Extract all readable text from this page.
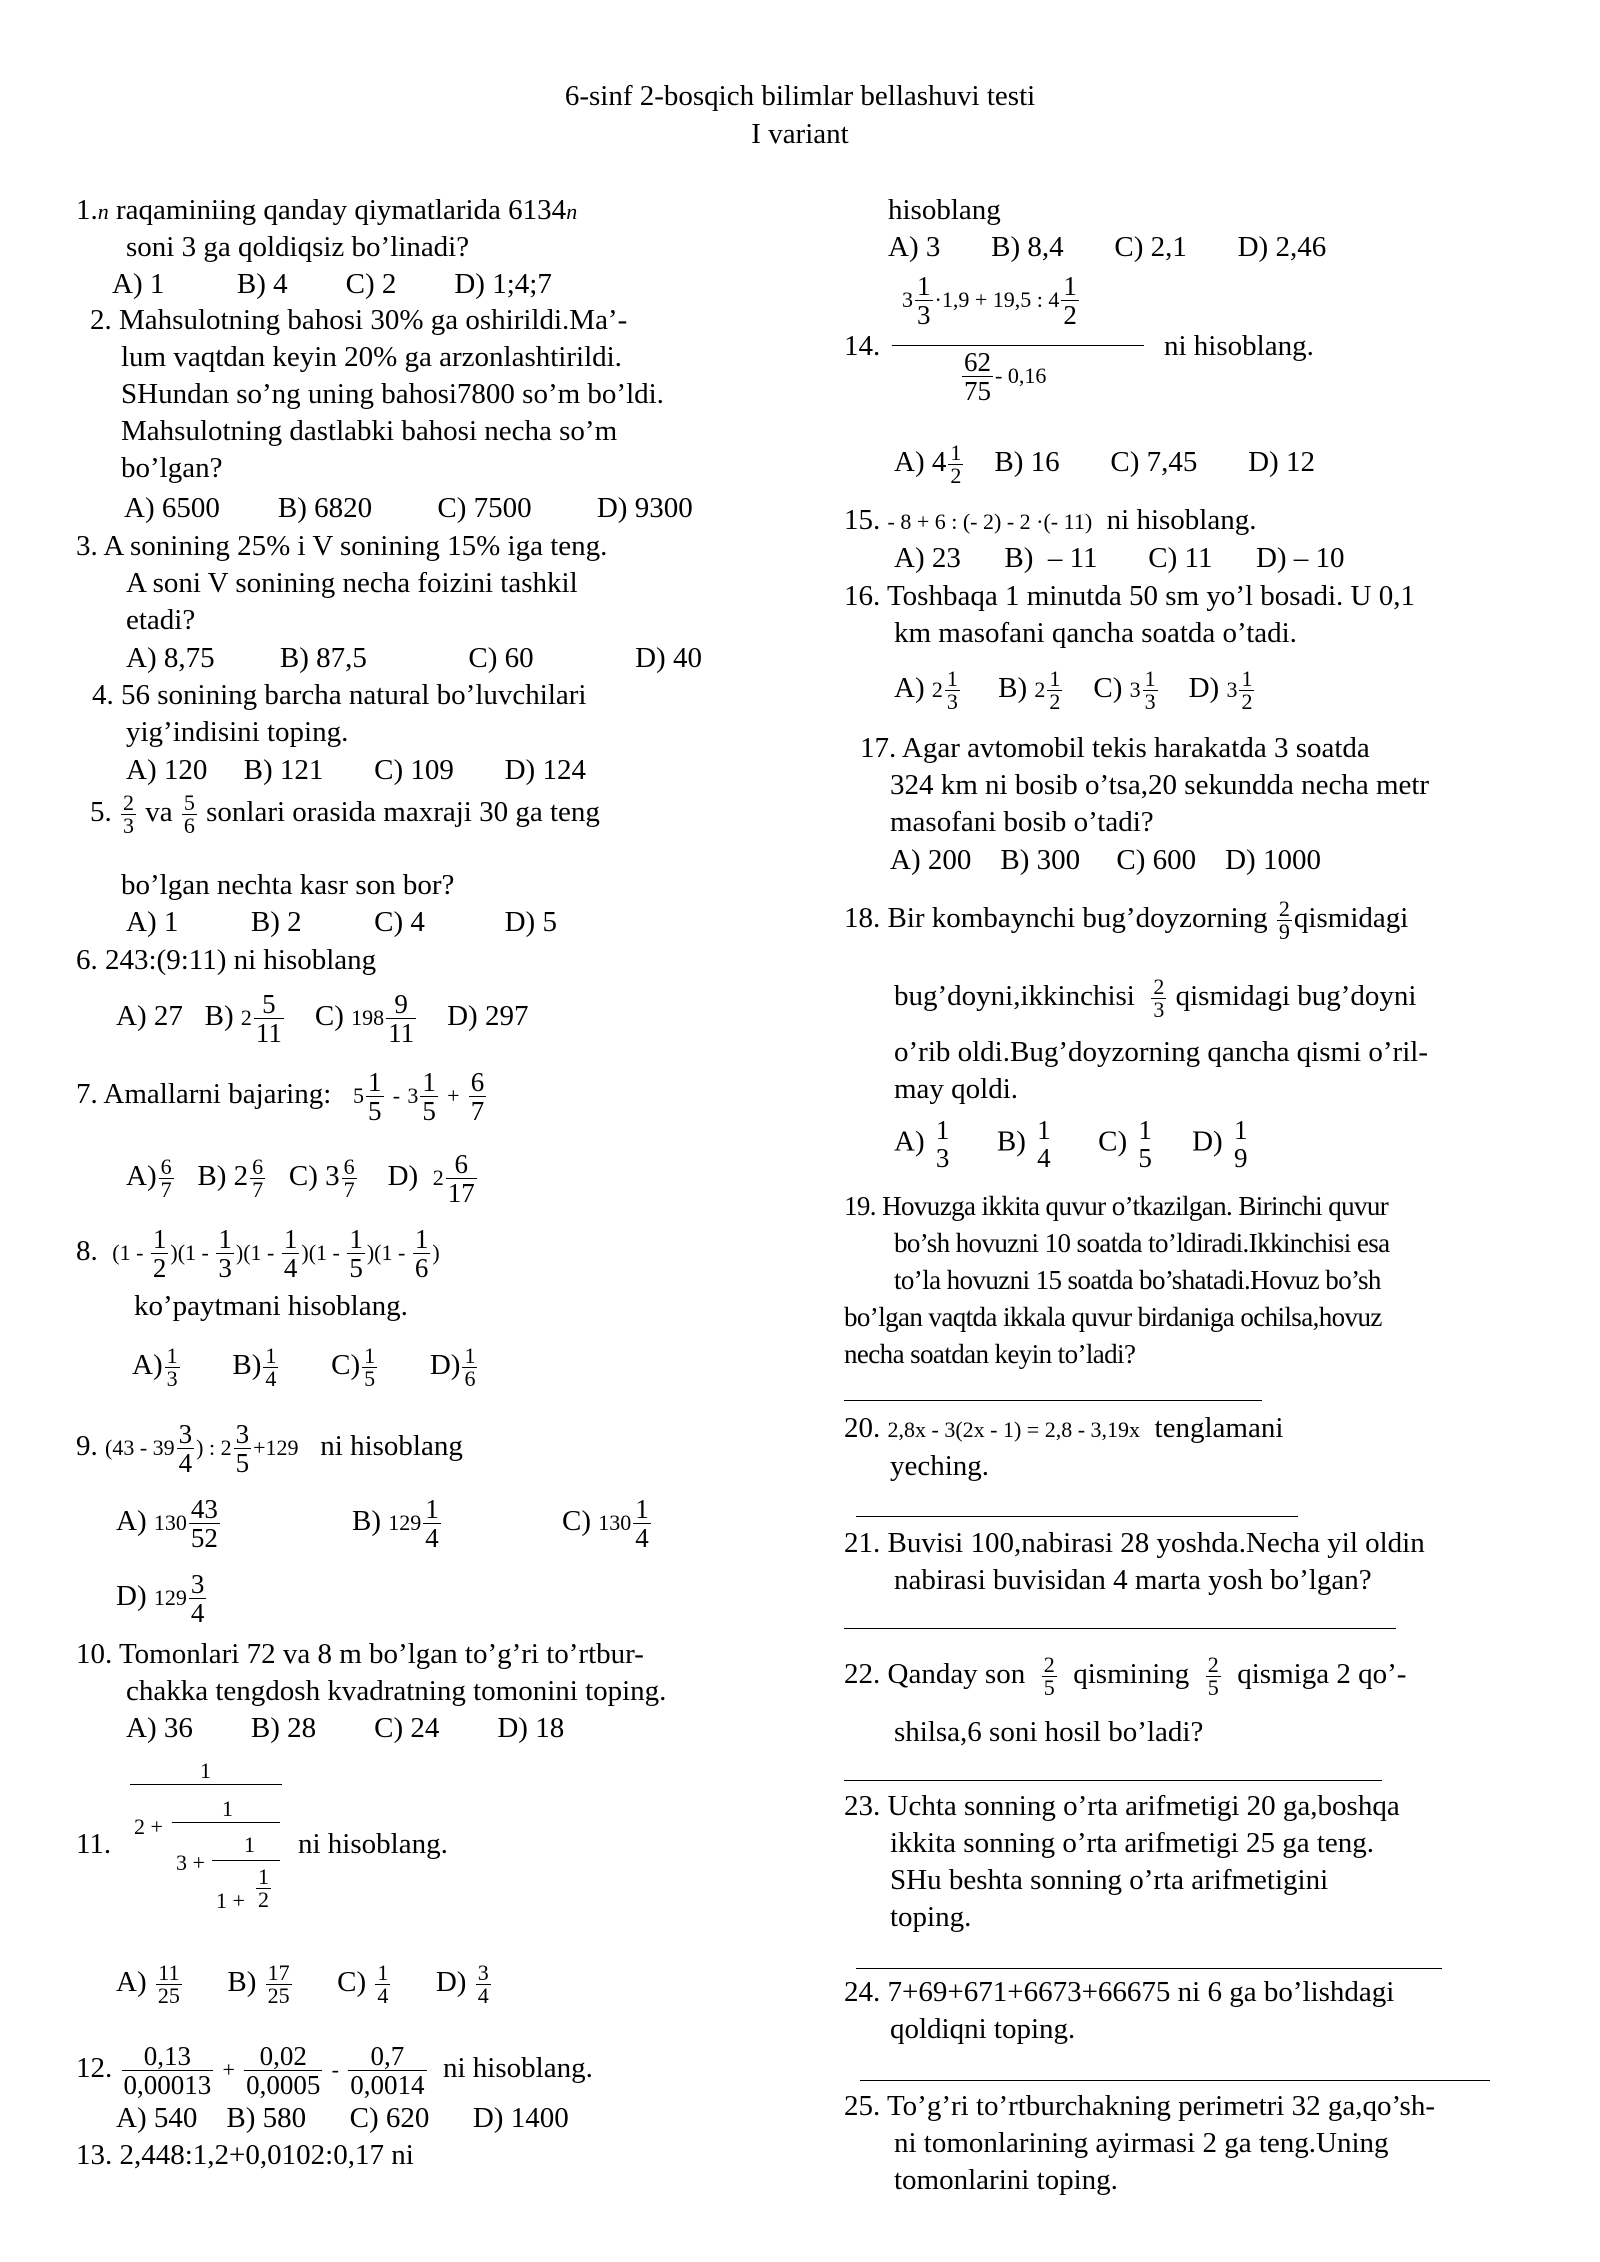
6-sinf 2-bosqich bilimlar bellashuvi testi
I variant
1.n raqaminiing qanday qiymatlarida 6134n
soni 3 ga qoldiqsiz bo’linadi?
A) 1          B) 4        C) 2        D) 1;4;7
2. Mahsulotning bahosi 30% ga oshirildi.Ma’-
lum vaqtdan keyin 20% ga arzonlashtirildi.
SHundan so’ng uning bahosi7800 so’m bo’ldi.
Mahsulotning dastlabki bahosi necha so’m
bo’lgan?
A) 6500        B) 6820         C) 7500         D) 9300
3. A sonining 25% i V sonining 15% iga teng.
A soni V sonining necha foizini tashkil
etadi?
A) 8,75         B) 87,5              C) 60              D) 40
4. 56 sonining barcha natural bo’luvchilari
yig’indisini toping.
A) 120     B) 121       C) 109       D) 124
5. $\frac{2}{3}$ va $\frac{5}{6}$ sonlari orasida maxraji 30 ga teng
bo’lgan nechta kasr son bor?
A) 1          B) 2          C) 4           D) 5
6. 243:(9:11) ni hisoblang
A) 27 B) $2 \frac{5}{11} C$) $198 \frac{9}{11} D$) 297
7. Amallarni bajaring: $5 \frac{1}{5} - 3 \frac{1}{5} + \frac{6}{7}$
$A) \frac{6}{7} B$) $2 \frac{6}{7} C$) $3 \frac{6}{7} D$) $2 \frac{6}{17}$
8. $(1 - \frac{1}{2} )(1 - \frac{1}{3} )(1 - \frac{1}{4} )(1 - \frac{1}{5} )(1 - \frac{1}{6}$ )
ko’paytmani hisoblang.
$A) \frac{1}{3} B) \frac{1}{4} C) \frac{1}{5} D) \frac{1}{6}$
9. ($43 - 39 \frac{3}{4}$ ) : $2 \frac{3}{5} +129$ ni hisoblang
A) $130 \frac{43}{52}$	B) $129 \frac{1}{4}$	C) $130 \frac{1}{4}$
D) $129 \frac{3}{4}$
10. Tomonlari 72 va 8 m bo’lgan to’g’ri to’rtbur-
chakka tengdosh kvadratning tomonini toping.
A) 36        B) 28        C) 24        D) 18
11.
1
1
2 +
1
3 +
$1 + \frac{1}{2}$
ni hisoblang.
$A) \frac{11}{25} B) \frac{17}{25} C) \frac{1}{4} D) \frac{3}{4}$
12. $\frac{0,13}{0,00013} + \frac{0,02}{0,0005} - \frac{0,7}{0,0014}$ ni hisoblang.
A) 540    B) 580      C) 620      D) 1400
13. 2,448:1,2+0,0102:0,17 ni
hisoblang
A) 3       B) 8,4       C) 2,1       D) 2,46
14.
$3 \frac{1}{3} \cdot 1,9 + 19,5$ : $4 \frac{1}{2}$
$\frac{62}{75} - 0,16$
ni hisoblang.
A) $4 \frac{1}{2} B$) 16       C) 7,45       D) 12
15. - 8 + 6 : (- 2) - 2 ·(- 11) ni hisoblang.
A) 23      B)  – 11       C) 11      D) – 10
16. Toshbaqa 1 minutda 50 sm yo’l bosadi. U 0,1
km masofani qancha soatda o’tadi.
A) $2 \frac{1}{3} B$) $2 \frac{1}{2} C$) $3 \frac{1}{3} D$) $3 \frac{1}{2}$
17. Agar avtomobil tekis harakatda 3 soatda
324 km ni bosib o’tsa,20 sekundda necha metr
masofani bosib o’tadi?
A) 200    B) 300     C) 600    D) 1000
18. Bir kombaynchi bug’doyzorning $\frac{2}{9}$ qismidagi
bug’doyni,ikkinchisi $\frac{2}{3}$ qismidagi bug’doyni
o’rib oldi.Bug’doyzorning qancha qismi o’ril-
may qoldi.
A) 1
3
B) 1
4
C) 1
5
D) 1
9
19. Hovuzga ikkita quvur o’tkazilgan. Birinchi quvur
bo’sh hovuzni 10 soatda to’ldiradi.Ikkinchisi esa
to’la hovuzni 15 soatda bo’shatadi.Hovuz bo’sh
bo’lgan vaqtda ikkala quvur birdaniga ochilsa,hovuz
necha soatdan keyin to’ladi?
20. 2,8x - 3(2x - 1) = 2,8 - 3,19x tenglamani
yeching.
21. Buvisi 100,nabirasi 28 yoshda.Necha yil oldin
nabirasi buvisidan 4 marta yosh bo’lgan?
22. Qanday son $\frac{2}{5}$ qismining $\frac{2}{5}$ qismiga 2 qo’-
shilsa,6 soni hosil bo’ladi?
23. Uchta sonning o’rta arifmetigi 20 ga,boshqa
ikkita sonning o’rta arifmetigi 25 ga teng.
SHu beshta sonning o’rta arifmetigini
toping.
24. 7+69+671+6673+66675 ni 6 ga bo’lishdagi
qoldiqni toping.
25. To’g’ri to’rtburchakning perimetri 32 ga,qo’sh-
ni tomonlarining ayirmasi 2 ga teng.Uning
tomonlarini toping.
